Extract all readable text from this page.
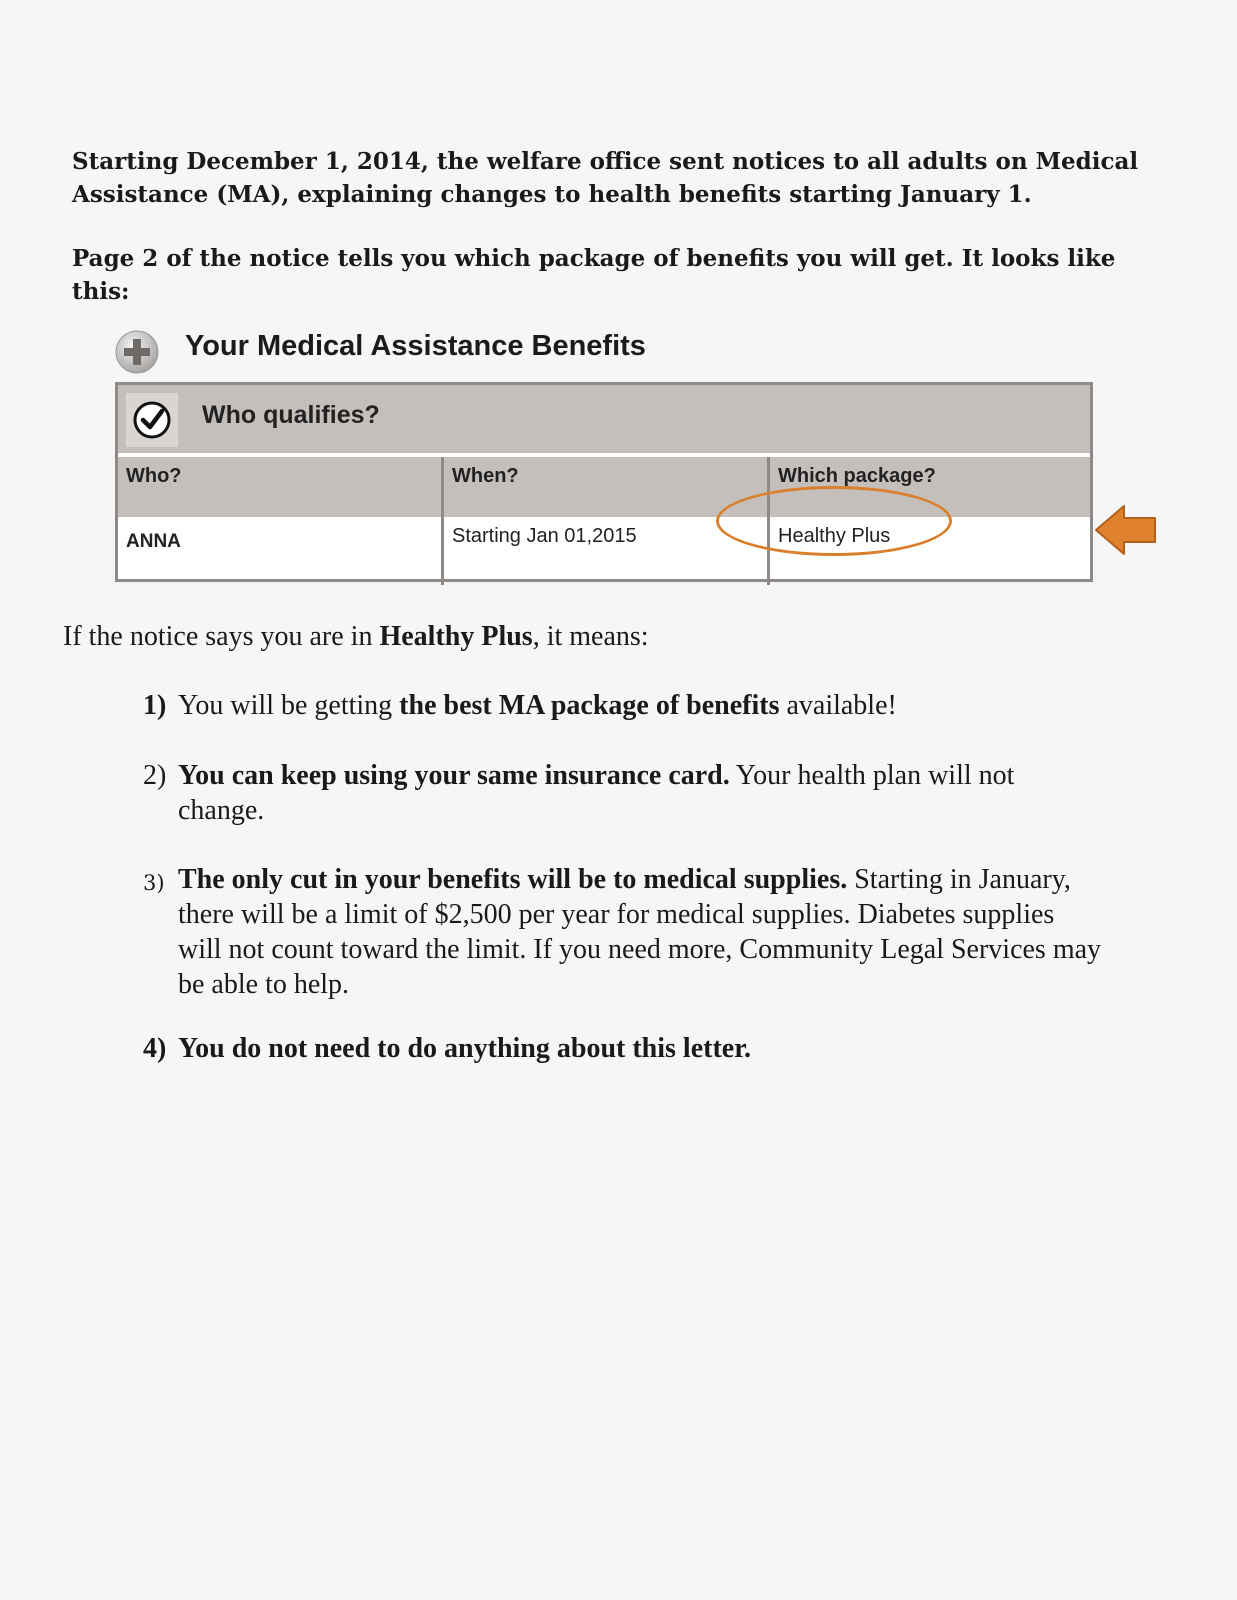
Starting December 1, 2014, the welfare office sent notices to all adults on Medical Assistance (MA), explaining changes to health benefits starting January 1.

Page 2 of the notice tells you which package of benefits you will get. It looks like this:

Your Medical Assistance Benefits
Who qualifies?
Who?	When?	Which package?
ANNA	Starting Jan 01,2015	Healthy Plus

If the notice says you are in Healthy Plus, it means:

1) You will be getting the best MA package of benefits available!

2) You can keep using your same insurance card. Your health plan will not change.

3) The only cut in your benefits will be to medical supplies. Starting in January, there will be a limit of $2,500 per year for medical supplies. Diabetes supplies will not count toward the limit. If you need more, Community Legal Services may be able to help.

4) You do not need to do anything about this letter.
